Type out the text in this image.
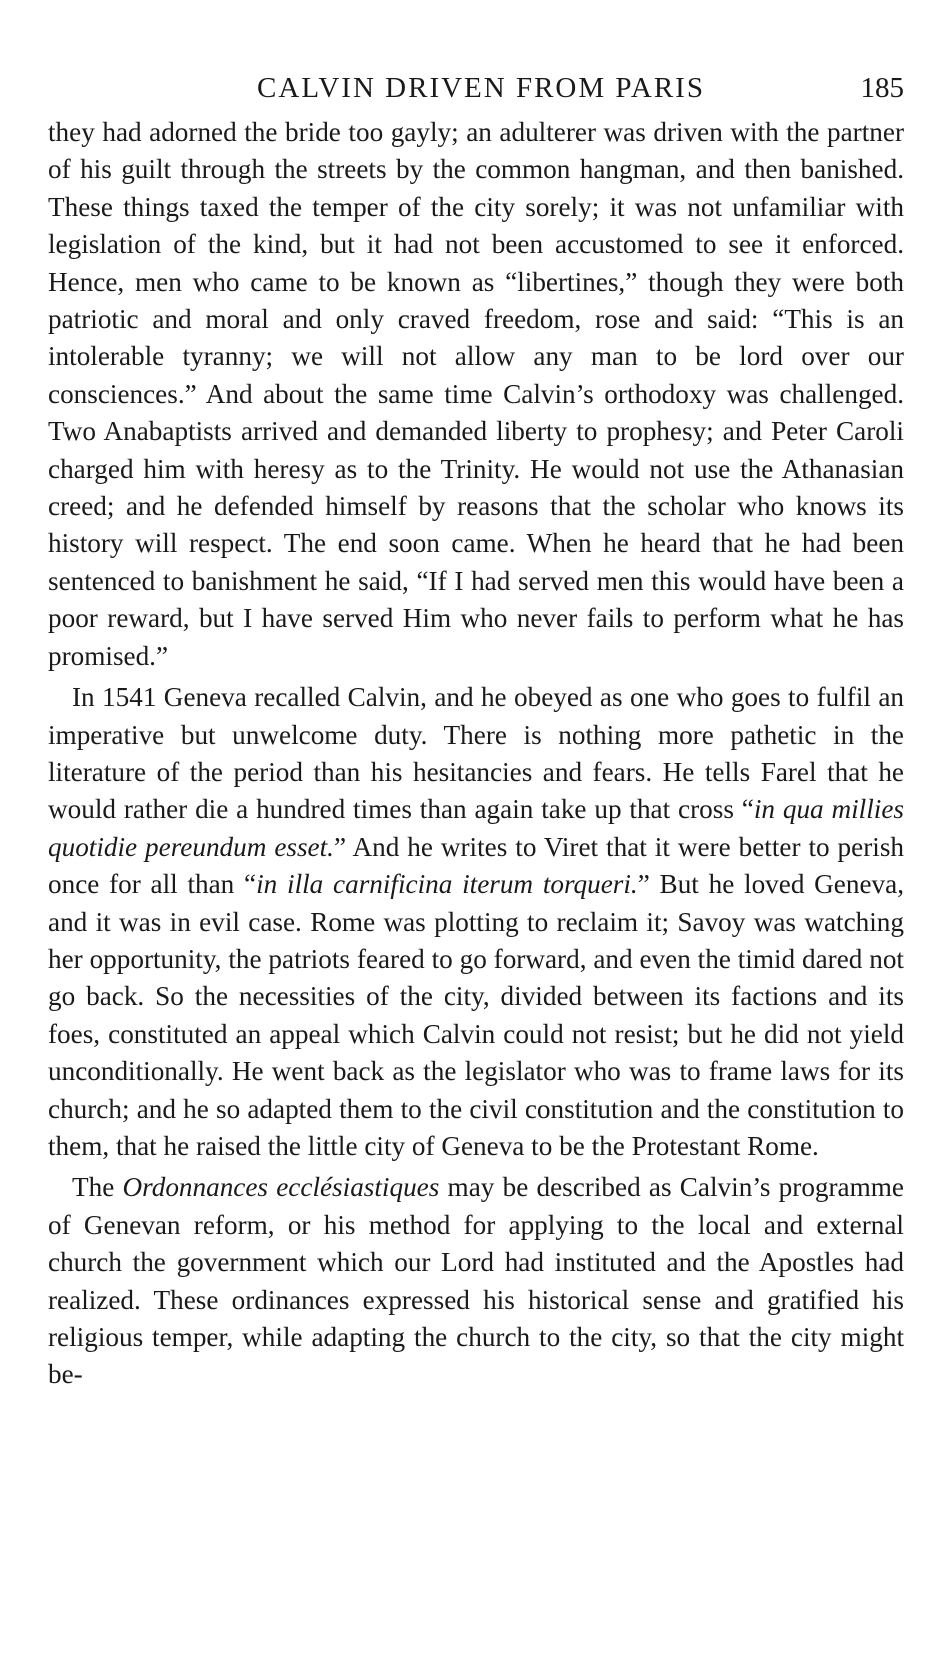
CALVIN DRIVEN FROM PARIS	185

they had adorned the bride too gayly; an adulterer was driven with the partner of his guilt through the streets by the common hangman, and then banished. These things taxed the temper of the city sorely; it was not unfamiliar with legislation of the kind, but it had not been accustomed to see it enforced. Hence, men who came to be known as “libertines,” though they were both patriotic and moral and only craved freedom, rose and said: “This is an intolerable tyranny; we will not allow any man to be lord over our consciences.” And about the same time Calvin’s orthodoxy was challenged. Two Anabaptists arrived and demanded liberty to prophesy; and Peter Caroli charged him with heresy as to the Trinity. He would not use the Athanasian creed; and he defended himself by reasons that the scholar who knows its history will respect. The end soon came. When he heard that he had been sentenced to banishment he said, “If I had served men this would have been a poor reward, but I have served Him who never fails to perform what he has promised.”

In 1541 Geneva recalled Calvin, and he obeyed as one who goes to fulfil an imperative but unwelcome duty. There is nothing more pathetic in the literature of the period than his hesitancies and fears. He tells Farel that he would rather die a hundred times than again take up that cross “in qua millies quotidie pereundum esset.” And he writes to Viret that it were better to perish once for all than “in illa carnificina iterum torqueri.” But he loved Geneva, and it was in evil case. Rome was plotting to reclaim it; Savoy was watching her opportunity, the patriots feared to go forward, and even the timid dared not go back. So the necessities of the city, divided between its factions and its foes, constituted an appeal which Calvin could not resist; but he did not yield unconditionally. He went back as the legislator who was to frame laws for its church; and he so adapted them to the civil constitution and the constitution to them, that he raised the little city of Geneva to be the Protestant Rome.

The Ordonnances ecclésiastiques may be described as Calvin’s programme of Genevan reform, or his method for applying to the local and external church the government which our Lord had instituted and the Apostles had realized. These ordinances expressed his historical sense and gratified his religious temper, while adapting the church to the city, so that the city might be-
